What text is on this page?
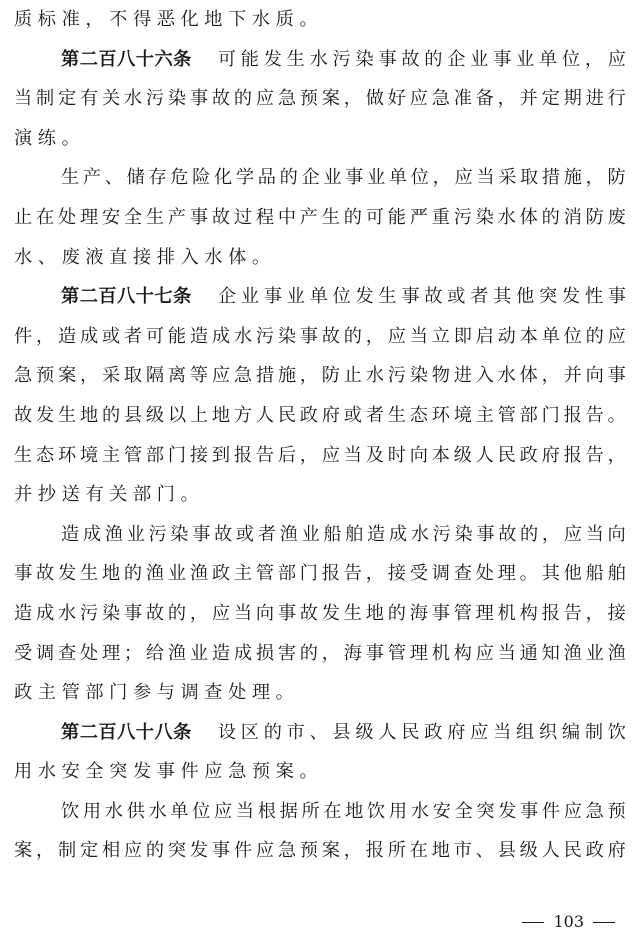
质标准，不得恶化地下水质。
第二百八十六条 可 能 发 生 水 污 染 事 故 的 企 业 事 业 单 位 ， 应
当 制 定 有 关 水 污 染 事 故 的 应 急 预 案 ， 做 好 应 急 准 备 ， 并 定 期 进 行
演练。
生 产 、 储 存 危 险 化 学 品 的 企 业 事 业 单 位 ， 应 当 采 取 措 施 ， 防
止 在 处 理 安 全 生 产 事 故 过 程 中 产 生 的 可 能 严 重 污 染 水 体 的 消 防 废
水、废液直接排入水体。
第二百八十七条 企 业 事 业 单 位 发 生 事 故 或 者 其 他 突 发 性 事
件 ， 造 成 或 者 可 能 造 成 水 污 染 事 故 的 ， 应 当 立 即 启 动 本 单 位 的 应
急 预 案 ， 采 取 隔 离 等 应 急 措 施 ， 防 止 水 污 染 物 进 入 水 体 ， 并 向 事
故 发 生 地 的 县 级 以 上 地 方 人 民 政 府 或 者 生 态 环 境 主 管 部 门 报 告 。
生 态 环 境 主 管 部 门 接 到 报 告 后 ， 应 当 及 时 向 本 级 人 民 政 府 报 告 ，
并抄送有关部门。
造 成 渔 业 污 染 事 故 或 者 渔 业 船 舶 造 成 水 污 染 事 故 的 ， 应 当 向
事 故 发 生 地 的 渔 业 渔 政 主 管 部 门 报 告 ， 接 受 调 查 处 理 。 其 他 船 舶
造 成 水 污 染 事 故 的 ， 应 当 向 事 故 发 生 地 的 海 事 管 理 机 构 报 告 ， 接
受 调 查 处 理 ； 给 渔 业 造 成 损 害 的 ， 海 事 管 理 机 构 应 当 通 知 渔 业 渔
政主管部门参与调查处理。
第二百八十八条 设 区 的 市 、 县 级 人 民 政 府 应 当 组 织 编 制 饮
用水安全突发事件应急预案。
饮 用 水 供 水 单 位 应 当 根 据 所 在 地 饮 用 水 安 全 突 发 事 件 应 急 预
案 ， 制 定 相 应 的 突 发 事 件 应 急 预 案 ， 报 所 在 地 市 、 县 级 人 民 政 府
103
